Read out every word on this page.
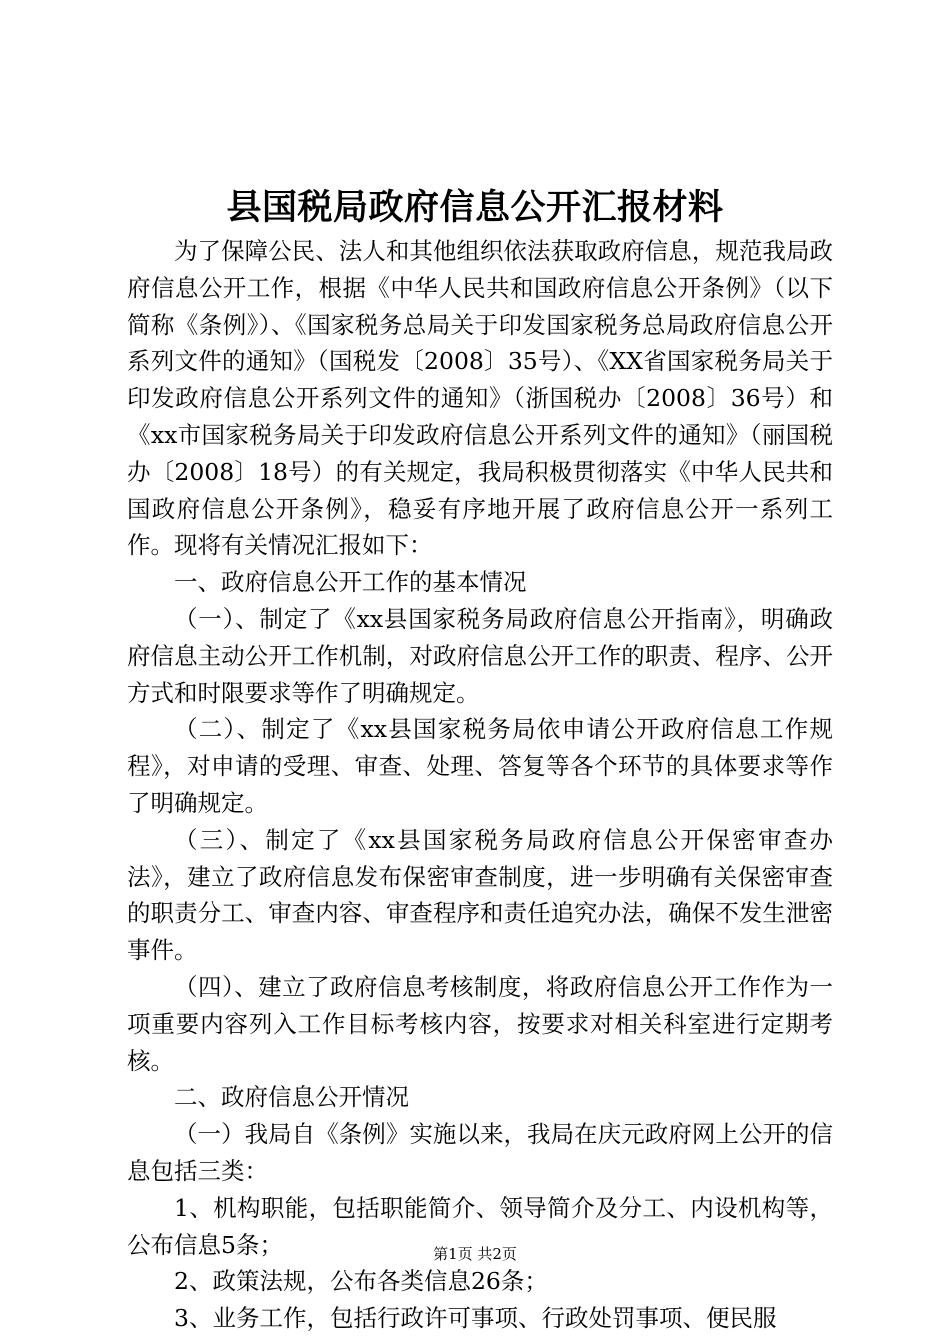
县国税局政府信息公开汇报材料

为了保障公民、法人和其他组织依法获取政府信息，规范我局政府信息公开工作，根据《中华人民共和国政府信息公开条例》（以下简称《条例》）、《国家税务总局关于印发国家税务总局政府信息公开系列文件的通知》（国税发〔2008〕35号）、《XX省国家税务局关于印发政府信息公开系列文件的通知》（浙国税办〔2008〕36号）和《xx市国家税务局关于印发政府信息公开系列文件的通知》（丽国税办〔2008〕18号）的有关规定，我局积极贯彻落实《中华人民共和国政府信息公开条例》，稳妥有序地开展了政府信息公开一系列工作。现将有关情况汇报如下：

一、政府信息公开工作的基本情况

（一）、制定了《xx县国家税务局政府信息公开指南》，明确政府信息主动公开工作机制，对政府信息公开工作的职责、程序、公开方式和时限要求等作了明确规定。

（二）、制定了《xx县国家税务局依申请公开政府信息工作规程》，对申请的受理、审查、处理、答复等各个环节的具体要求等作了明确规定。

（三）、制定了《xx县国家税务局政府信息公开保密审查办法》，建立了政府信息发布保密审查制度，进一步明确有关保密审查的职责分工、审查内容、审查程序和责任追究办法，确保不发生泄密事件。

（四）、建立了政府信息考核制度，将政府信息公开工作作为一项重要内容列入工作目标考核内容，按要求对相关科室进行定期考核。

二、政府信息公开情况

（一）我局自《条例》实施以来，我局在庆元政府网上公开的信息包括三类：

1、机构职能，包括职能简介、领导简介及分工、内设机构等，公布信息5条；

2、政策法规，公布各类信息26条；

3、业务工作，包括行政许可事项、行政处罚事项、便民服

第1页 共2页
